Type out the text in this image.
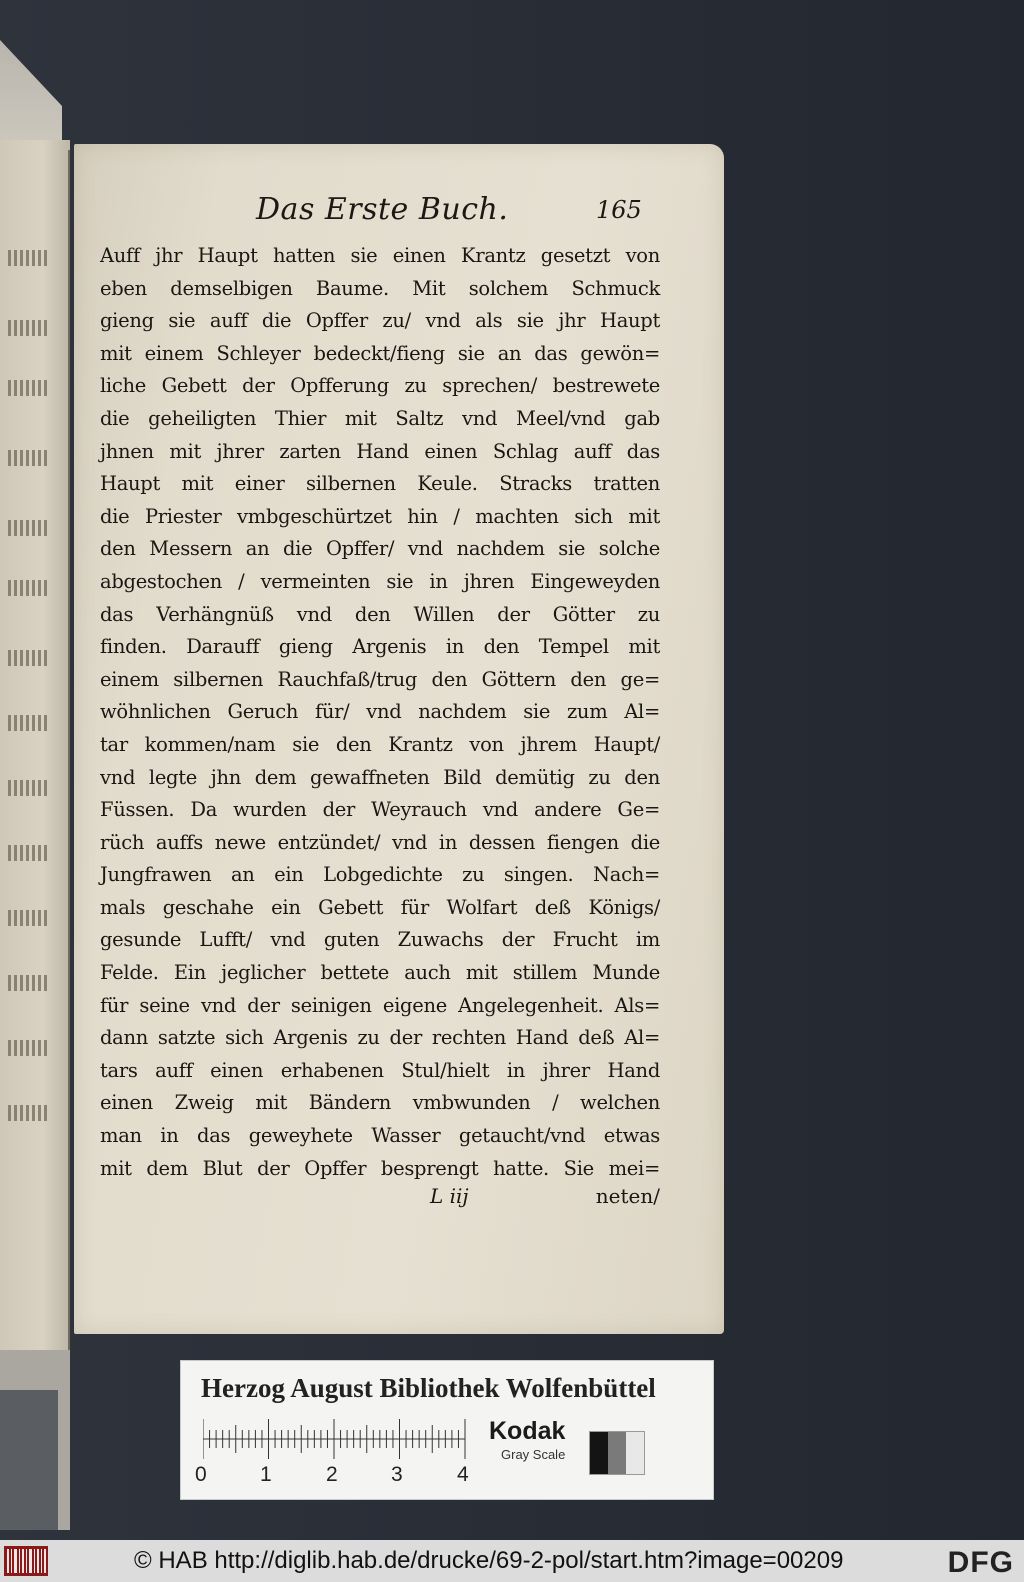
Das Erste Buch.	165
Auff jhr Haupt hatten sie einen Krantz gesetzt von
eben demselbigen Baume. Mit solchem Schmuck
gieng sie auff die Opffer zu/ vnd als sie jhr Haupt
mit einem Schleyer bedeckt/fieng sie an das gewön=
liche Gebett der Opfferung zu sprechen/ bestrewete
die geheiligten Thier mit Saltz vnd Meel/vnd gab
jhnen mit jhrer zarten Hand einen Schlag auff das
Haupt mit einer silbernen Keule. Stracks tratten
die Priester vmbgeschürtzet hin / machten sich mit
den Messern an die Opffer/ vnd nachdem sie solche
abgestochen / vermeinten sie in jhren Eingeweyden
das Verhängnüß vnd den Willen der Götter zu
finden. Darauff gieng Argenis in den Tempel mit
einem silbernen Rauchfaß/trug den Göttern den ge=
wöhnlichen Geruch für/ vnd nachdem sie zum Al=
tar kommen/nam sie den Krantz von jhrem Haupt/
vnd legte jhn dem gewaffneten Bild demütig zu den
Füssen. Da wurden der Weyrauch vnd andere Ge=
rüch auffs newe entzündet/ vnd in dessen fiengen die
Jungfrawen an ein Lobgedichte zu singen. Nach=
mals geschahe ein Gebett für Wolfart deß Königs/
gesunde Lufft/ vnd guten Zuwachs der Frucht im
Felde. Ein jeglicher bettete auch mit stillem Munde
für seine vnd der seinigen eigene Angelegenheit. Als=
dann satzte sich Argenis zu der rechten Hand deß Al=
tars auff einen erhabenen Stul/hielt in jhrer Hand
einen Zweig mit Bändern vmbwunden / welchen
man in das geweyhete Wasser getaucht/vnd etwas
mit dem Blut der Opffer besprengt hatte. Sie mei=
L iij	neten/
Herzog August Bibliothek Wolfenbüttel
0	1	2	3	4
Kodak
Gray Scale
© HAB http://diglib.hab.de/drucke/69-2-pol/start.htm?image=00209	DFG
